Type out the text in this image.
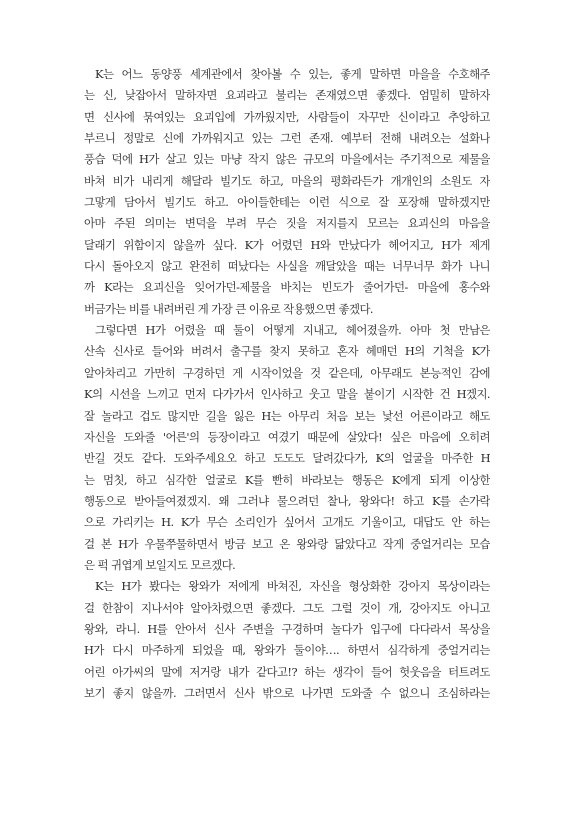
K는 어느 동양풍 세계관에서 찾아볼 수 있는, 좋게 말하면 마을을 수호해주
는 신, 낮잡아서 말하자면 요괴라고 불리는 존재였으면 좋겠다. 엄밀히 말하자
면 신사에 묶여있는 요괴입에 가까웠지만, 사람들이 자꾸만 신이라고 추앙하고
부르니 정말로 신에 가까워지고 있는 그런 존재. 예부터 전해 내려오는 설화나
풍습 덕에 H가 살고 있는 마냥 작지 않은 규모의 마을에서는 주기적으로 제물을
바쳐 비가 내리게 해달라 빌기도 하고, 마을의 평화라든가 개개인의 소원도 자
그맣게 담아서 빌기도 하고. 아이들한테는 이런 식으로 잘 포장해 말하겠지만
아마 주된 의미는 변덕을 부려 무슨 짓을 저지를지 모르는 요괴신의 마음을
달래기 위함이지 않을까 싶다. K가 어렸던 H와 만났다가 헤어지고, H가 제게
다시 돌아오지 않고 완전히 떠났다는 사실을 깨달았을 때는 너무너무 화가 나니
까 K라는 요괴신을 잊어가던-제물을 바치는 빈도가 줄어가던- 마을에 홍수와
버금가는 비를 내려버린 게 가장 큰 이유로 작용했으면 좋겠다.
그렇다면 H가 어렸을 때 둘이 어떻게 지내고, 헤어졌을까. 아마 첫 만남은
산속 신사로 들어와 버려서 출구를 찾지 못하고 혼자 헤매던 H의 기척을 K가
알아차리고 가만히 구경하던 게 시작이었을 것 같은데, 아무래도 본능적인 감에
K의 시선을 느끼고 먼저 다가가서 인사하고 웃고 말을 붙이기 시작한 건 H겠지.
잘 놀라고 겁도 많지만 길을 잃은 H는 아무리 처음 보는 낯선 어른이라고 해도
자신을 도와줄 '어른'의 등장이라고 여겼기 때문에 살았다! 싶은 마음에 오히려
반길 것도 같다. 도와주세요오 하고 도도도 달려갔다가, K의 얼굴을 마주한 H
는 멈칫, 하고 심각한 얼굴로 K를 빤히 바라보는 행동은 K에게 되게 이상한
행동으로 받아들여졌겠지. 왜 그러냐 물으려던 찰나, 왕와다! 하고 K를 손가락
으로 가리키는 H. K가 무슨 소리인가 싶어서 고개도 기울이고, 대답도 안 하는
걸 본 H가 우물쭈물하면서 방금 보고 온 왕와랑 닮았다고 작게 중얼거리는 모습
은 퍽 귀엽게 보일지도 모르겠다.
K는 H가 봤다는 왕와가 저에게 바쳐진, 자신을 형상화한 강아지 목상이라는
걸 한참이 지나서야 알아차렸으면 좋겠다. 그도 그럴 것이 개, 강아지도 아니고
왕와, 라니. H를 안아서 신사 주변을 구경하며 놀다가 입구에 다다라서 목상을
H가 다시 마주하게 되었을 때, 왕와가 둘이야…. 하면서 심각하게 중얼거리는
어린 아가씨의 말에 저거랑 내가 같다고!? 하는 생각이 들어 헛웃음을 터트려도
보기 좋지 않을까. 그러면서 신사 밖으로 나가면 도와줄 수 없으니 조심하라는
